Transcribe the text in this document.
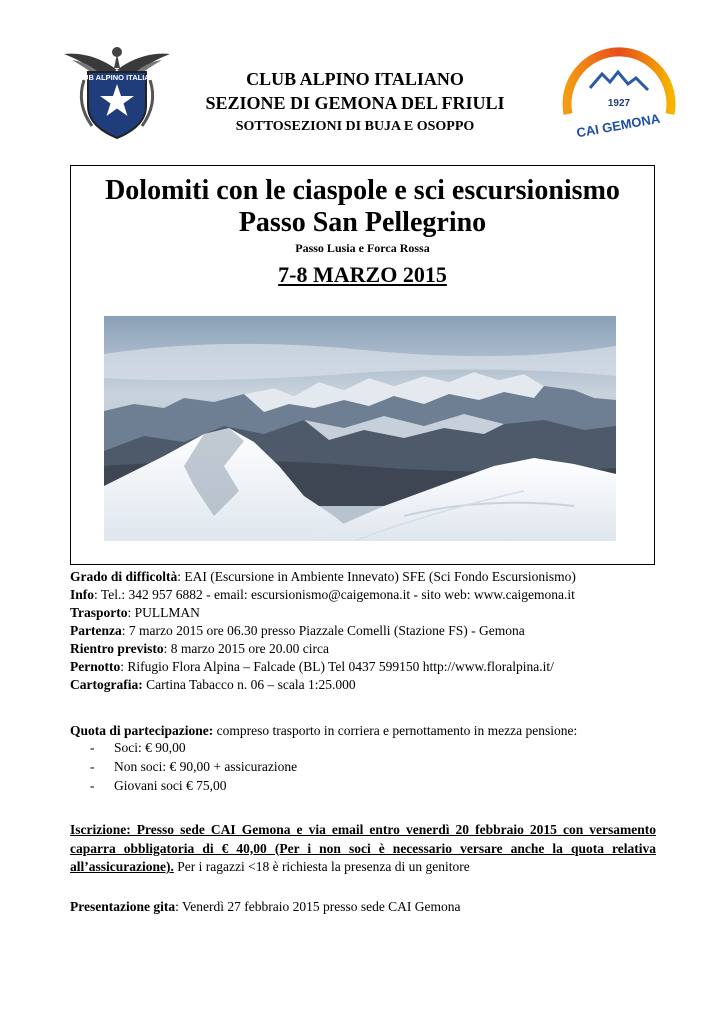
CLUB ALPINO ITALIANO
1927
CAI GEMONA
CLUB ALPINO ITALIANO
SEZIONE DI GEMONA DEL FRIULI
SOTTOSEZIONI DI BUJA E OSOPPO
Dolomiti con le ciaspole e sci escursionismo
Passo San Pellegrino
Passo Lusia e Forca Rossa
7-8 MARZO 2015
Grado di difficoltà: EAI (Escursione in Ambiente Innevato) SFE (Sci Fondo Escursionismo)
Info: Tel.: 342 957 6882 - email: escursionismo@caigemona.it - sito web: www.caigemona.it
Trasporto: PULLMAN
Partenza: 7 marzo 2015 ore 06.30 presso Piazzale Comelli (Stazione FS) - Gemona
Rientro previsto: 8 marzo 2015 ore 20.00 circa
Pernotto: Rifugio Flora Alpina – Falcade (BL) Tel 0437 599150 http://www.floralpina.it/
Cartografia: Cartina Tabacco n. 06 – scala 1:25.000
Quota di partecipazione: compreso trasporto in corriera e pernottamento in mezza pensione:
- Soci: € 90,00
- Non soci: € 90,00 + assicurazione
- Giovani soci € 75,00
Iscrizione: Presso sede CAI Gemona e via email entro venerdì 20 febbraio 2015 con versamento caparra obbligatoria di € 40,00 (Per i non soci è necessario versare anche la quota relativa all’assicurazione). Per i ragazzi <18 è richiesta la presenza di un genitore
Presentazione gita: Venerdì 27 febbraio 2015 presso sede CAI Gemona
